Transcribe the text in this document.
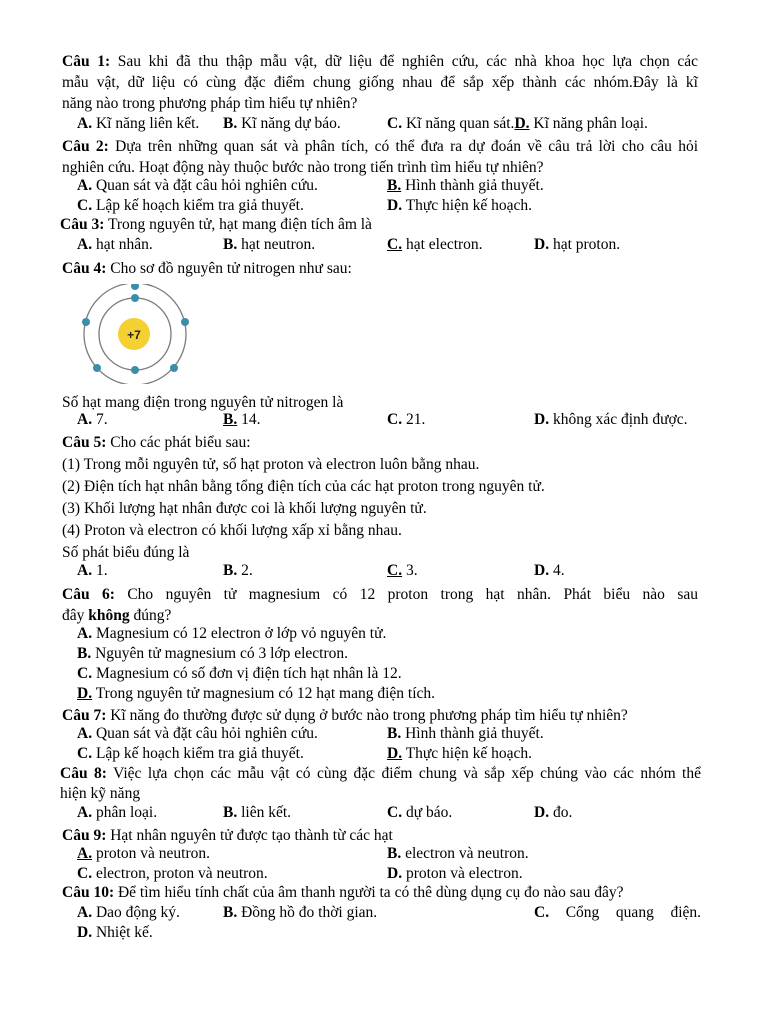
Câu 1: Sau khi đã thu thập mẫu vật, dữ liệu để nghiên cứu, các nhà khoa học lựa chọn các
mẫu vật, dữ liệu có cùng đặc điểm chung giống nhau để sắp xếp thành các nhóm.Đây là kĩ
năng nào trong phương pháp tìm hiểu tự nhiên?
A. Kĩ năng liên kết. B. Kĩ năng dự báo.	C. Kĩ năng quan sát.D. Kĩ năng phân loại.
Câu 2: Dựa trên những quan sát và phân tích, có thể đưa ra dự đoán về câu trả lời cho câu hỏi
nghiên cứu. Hoạt động này thuộc bước nào trong tiến trình tìm hiểu tự nhiên?
A. Quan sát và đặt câu hỏi nghiên cứu.	B. Hình thành giả thuyết.
C. Lập kế hoạch kiểm tra giả thuyết.	D. Thực hiện kế hoạch.
Câu 3: Trong nguyên tử, hạt mang điện tích âm là
A. hạt nhân.	B. hạt neutron.	C. hạt electron.	D. hạt proton.
Câu 4: Cho sơ đồ nguyên tử nitrogen như sau:
+7
Số hạt mang điện trong nguyên tử nitrogen là
A. 7.	B. 14.	C. 21.	D. không xác định được.
Câu 5: Cho các phát biểu sau:
(1) Trong mỗi nguyên tử, số hạt proton và electron luôn bằng nhau.
(2) Điện tích hạt nhân bằng tổng điện tích của các hạt proton trong nguyên tử.
(3) Khối lượng hạt nhân được coi là khối lượng nguyên tử.
(4) Proton và electron có khối lượng xấp xỉ bằng nhau.
Số phát biểu đúng là
A. 1.	B. 2.	C. 3.	D. 4.
Câu 6: Cho nguyên tử magnesium có 12 proton trong hạt nhân. Phát biểu nào sau
đây không đúng?
A. Magnesium có 12 electron ở lớp vỏ nguyên tử.
B. Nguyên tử magnesium có 3 lớp electron.
C. Magnesium có số đơn vị điện tích hạt nhân là 12.
D. Trong nguyên tử magnesium có 12 hạt mang điện tích.
Câu 7: Kĩ năng đo thường được sử dụng ở bước nào trong phương pháp tìm hiểu tự nhiên?
A. Quan sát và đặt câu hỏi nghiên cứu.	B. Hình thành giả thuyết.
C. Lập kế hoạch kiểm tra giả thuyết.	D. Thực hiện kế hoạch.
Câu 8: Việc lựa chọn các mẫu vật có cùng đặc điểm chung và sắp xếp chúng vào các nhóm thể
hiện kỹ năng
A. phân loại.	B. liên kết.	C. dự báo.	D. đo.
Câu 9: Hạt nhân nguyên tử được tạo thành từ các hạt
A. proton và neutron.	B. electron và neutron.
C. electron, proton và neutron.	D. proton và electron.
Câu 10: Để tìm hiểu tính chất của âm thanh người ta có thê dùng dụng cụ đo nào sau đây?
A. Dao động ký.	B. Đồng hồ đo thời gian.	C. Cổng quang điện.
D. Nhiệt kế.
